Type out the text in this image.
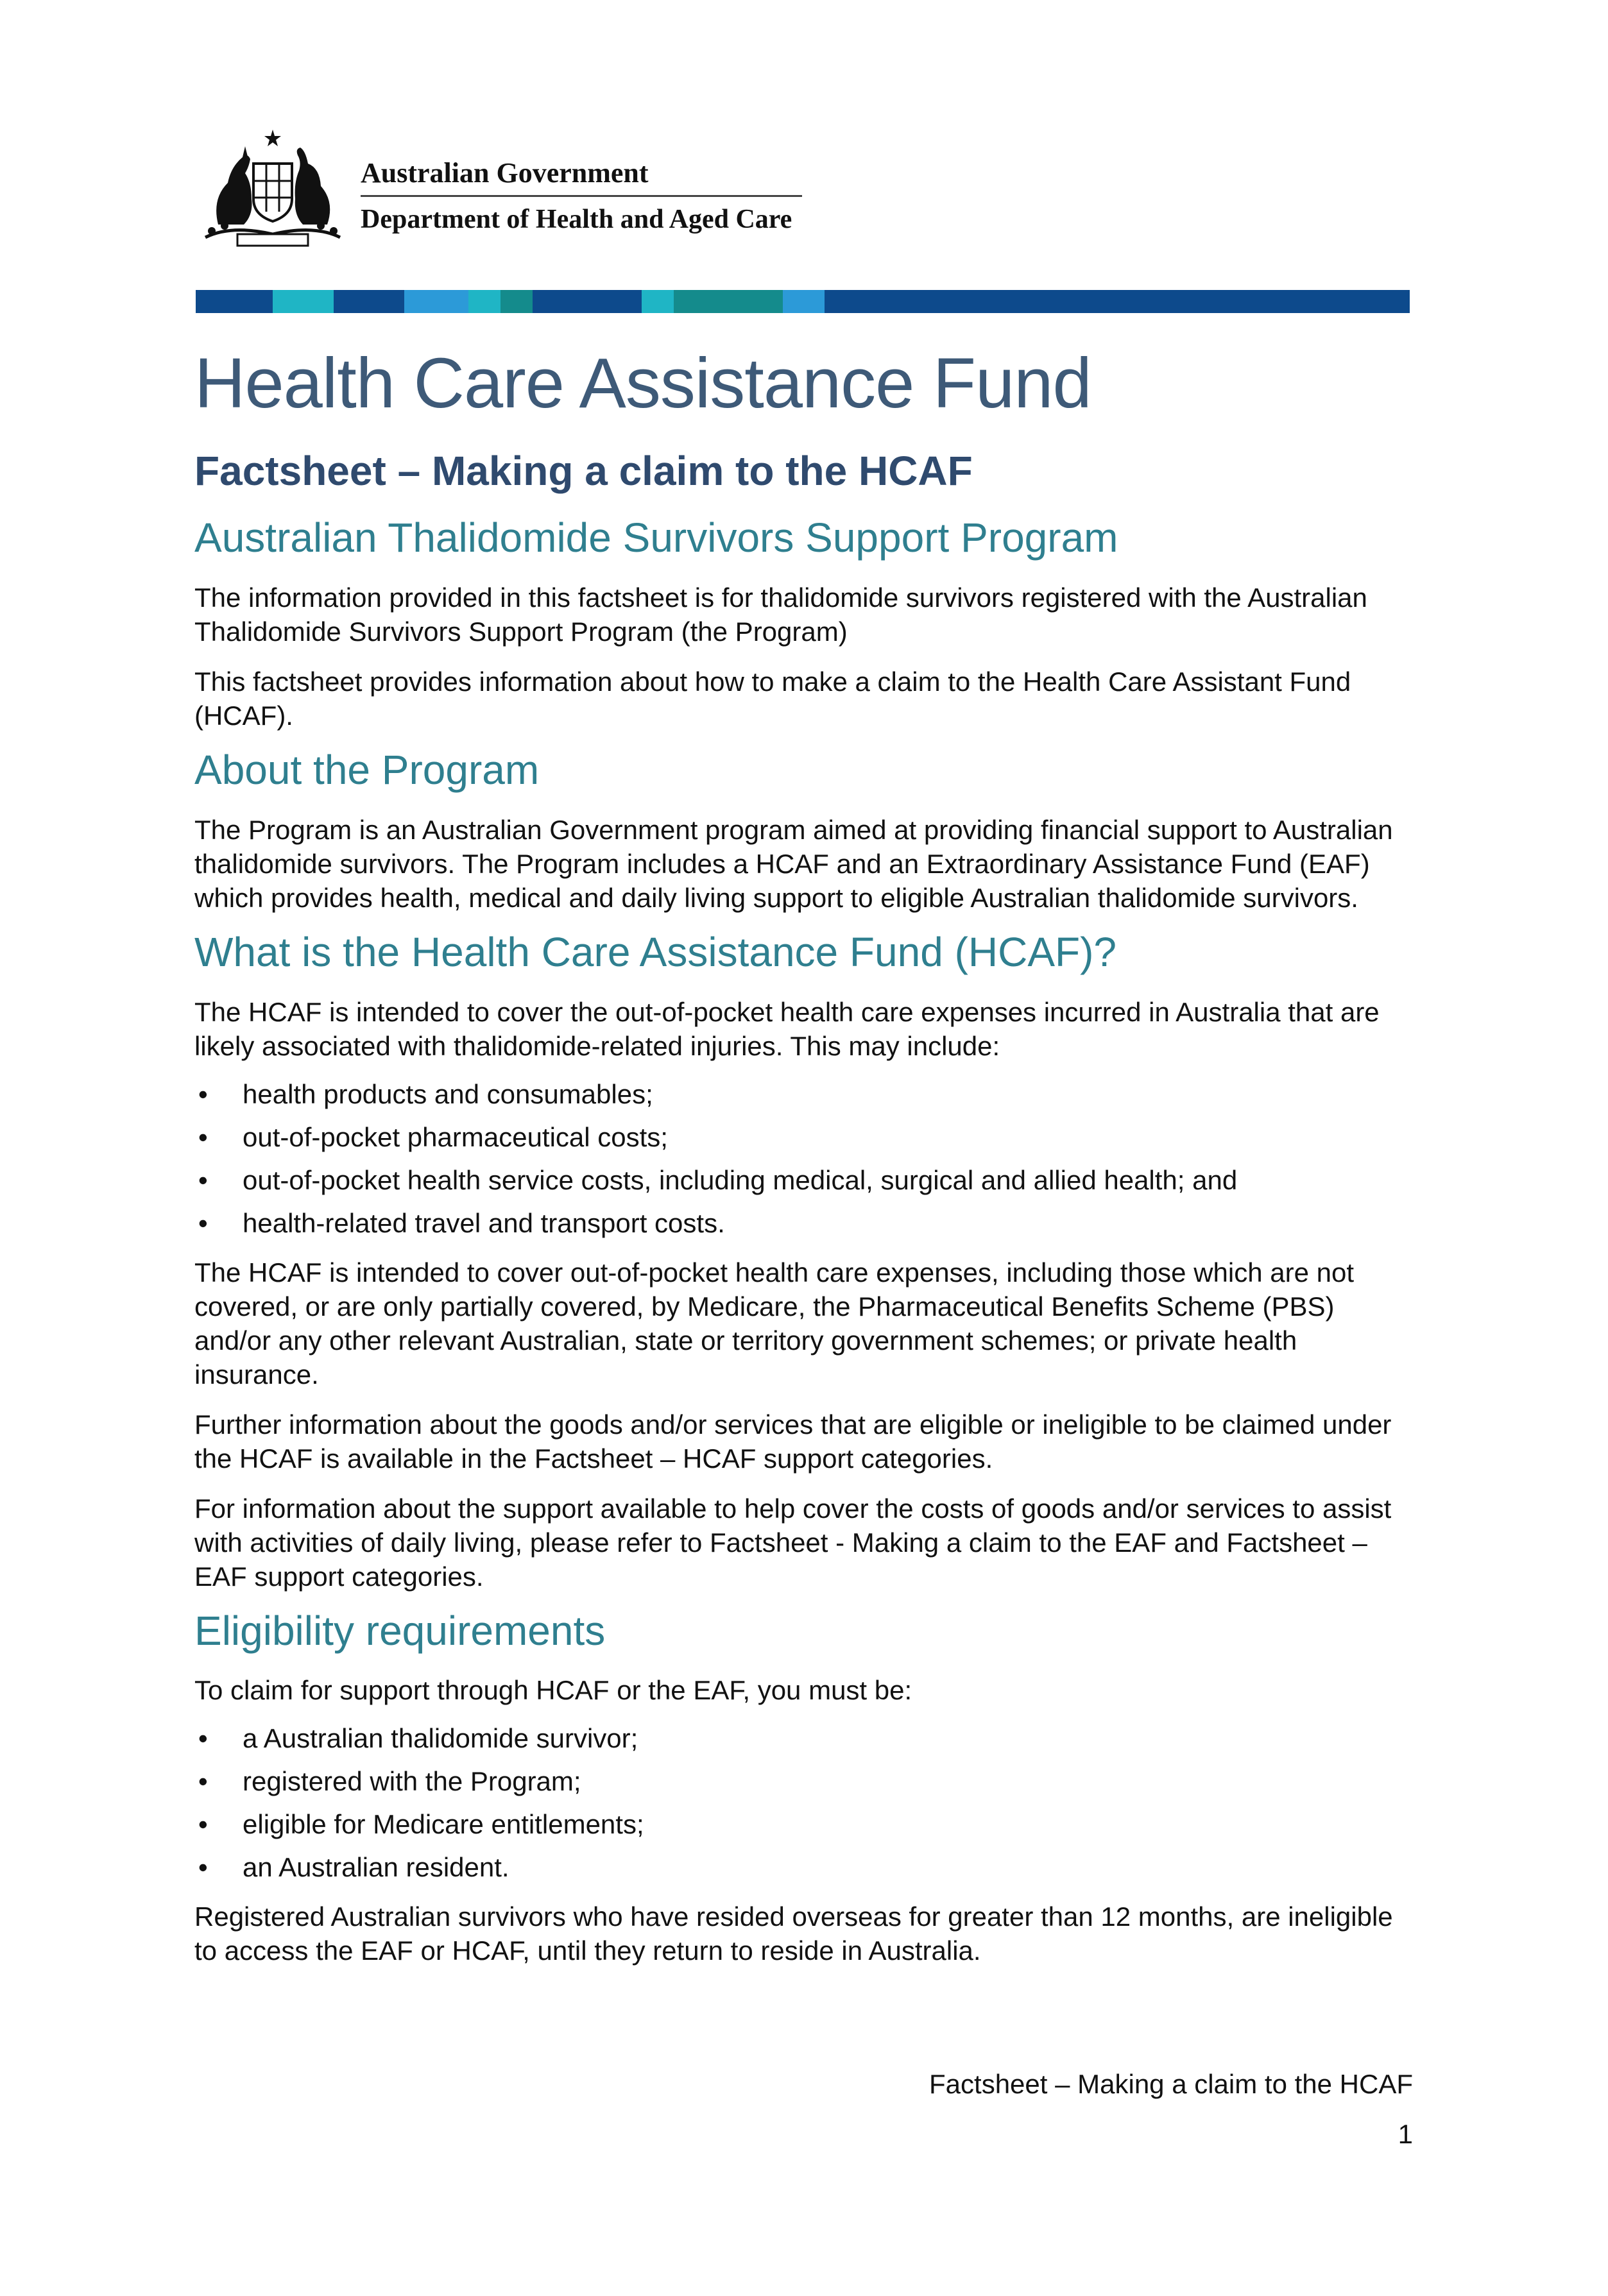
Australian Government
Department of Health and Aged Care
Health Care Assistance Fund
Factsheet – Making a claim to the HCAF
Australian Thalidomide Survivors Support Program

The information provided in this factsheet is for thalidomide survivors registered with the Australian Thalidomide Survivors Support Program (the Program)

This factsheet provides information about how to make a claim to the Health Care Assistant Fund (HCAF).

About the Program

The Program is an Australian Government program aimed at providing financial support to Australian thalidomide survivors. The Program includes a HCAF and an Extraordinary Assistance Fund (EAF) which provides health, medical and daily living support to eligible Australian thalidomide survivors.

What is the Health Care Assistance Fund (HCAF)?

The HCAF is intended to cover the out-of-pocket health care expenses incurred in Australia that are likely associated with thalidomide-related injuries. This may include:

• health products and consumables;
• out-of-pocket pharmaceutical costs;
• out-of-pocket health service costs, including medical, surgical and allied health; and
• health-related travel and transport costs.

The HCAF is intended to cover out-of-pocket health care expenses, including those which are not covered, or are only partially covered, by Medicare, the Pharmaceutical Benefits Scheme (PBS) and/or any other relevant Australian, state or territory government schemes; or private health insurance.

Further information about the goods and/or services that are eligible or ineligible to be claimed under the HCAF is available in the Factsheet – HCAF support categories.

For information about the support available to help cover the costs of goods and/or services to assist with activities of daily living, please refer to Factsheet - Making a claim to the EAF and Factsheet – EAF support categories.

Eligibility requirements

To claim for support through HCAF or the EAF, you must be:

• a Australian thalidomide survivor;
• registered with the Program;
• eligible for Medicare entitlements;
• an Australian resident.

Registered Australian survivors who have resided overseas for greater than 12 months, are ineligible to access the EAF or HCAF, until they return to reside in Australia.

Factsheet – Making a claim to the HCAF
1
